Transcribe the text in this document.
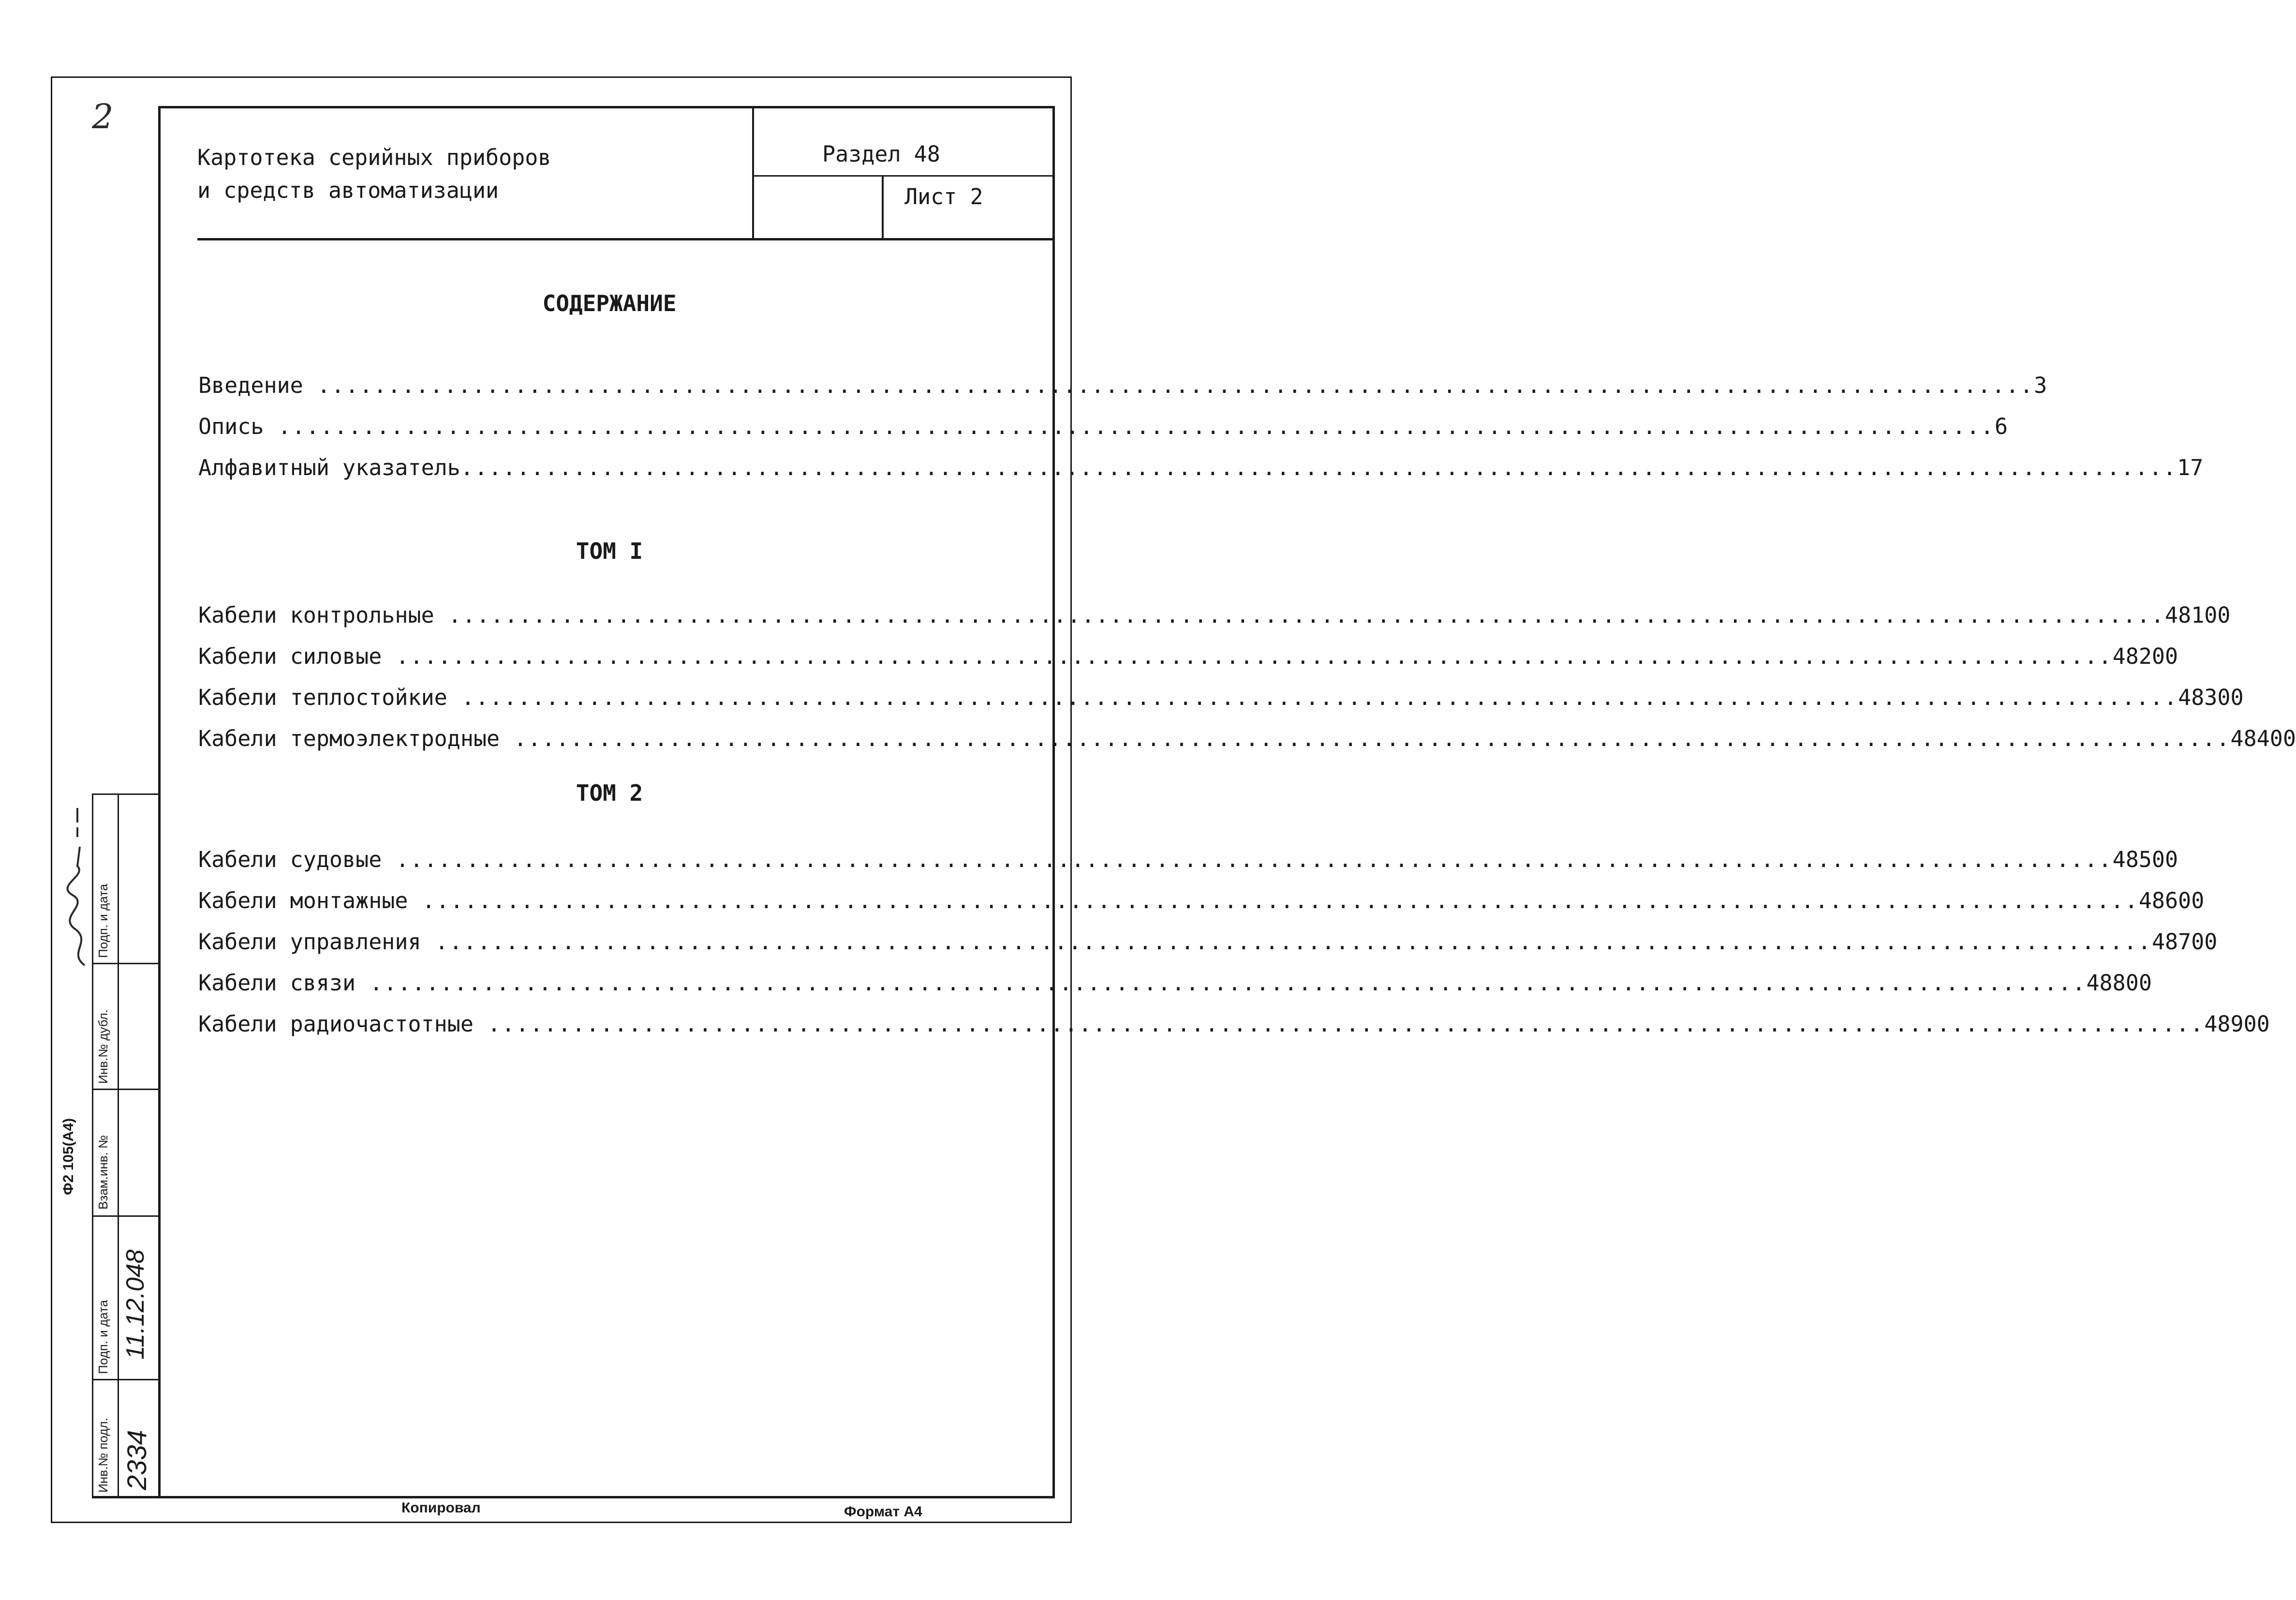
2
Картотека серийных приборов
и средств автоматизации
Раздел 48
Лист 2
СОДЕРЖАНИЕ
Введение .......................................................................................................................... 3
Опись .......................................................................................................................... 6
Алфавитный указатель .......................................................................................................................... 17
ТОМ I
Кабели контрольные .......................................................................................................................... 48100
Кабели силовые .......................................................................................................................... 48200
Кабели теплостойкие .......................................................................................................................... 48300
Кабели термоэлектродные .......................................................................................................................... 48400
ТОМ 2
Кабели судовые .......................................................................................................................... 48500
Кабели монтажные .......................................................................................................................... 48600
Кабели управления .......................................................................................................................... 48700
Кабели связи .......................................................................................................................... 48800
Кабели радиочастотные .......................................................................................................................... 48900
Инв.№ подл.
Подп. и дата
Взам.инв. №
Инв.№ дубл.
Подп. и дата
2334
11.12.048
Ф2 105(А4)
Копировал	Формат А4
